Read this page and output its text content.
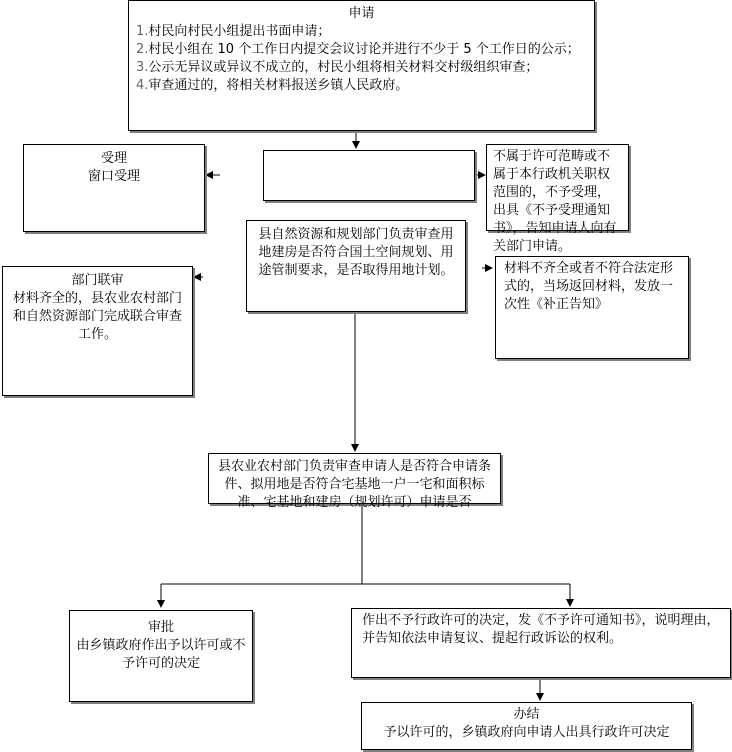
申请

1.村民向村民小组提出书面申请；

2.村民小组在 10 个工作日内提交会议讨论并进行不少于 5 个工作日的公示；

3.公示无异议或异议不成立的，村民小组将相关材料交村级组织审查；

4.审查通过的，将相关材料报送乡镇人民政府。

受理
窗口受理
不属于许可范畴或不属于本行政机关职权范围的，不予受理，出具《不予受理通知书》，告知申请人向有关部门申请。
县自然资源和规划部门负责审查用地建房是否符合国土空间规划、用途管制要求，是否取得用地计划。
部门联审
材料齐全的，县农业农村部门和自然资源部门完成联合审查工作。
材料不齐全或者不符合法定形式的，当场返回材料，发放一次性《补正告知》
县农业农村部门负责审查申请人是否符合申请条件、拟用地是否符合宅基地一户一宅和面积标准、宅基地和建房（规划许可）申请是否
审批
由乡镇政府作出予以许可或不予许可的决定
作出不予行政许可的决定，发《不予许可通知书》，说明理由，并告知依法申请复议、提起行政诉讼的权利。
办结
予以许可的，乡镇政府向申请人出具行政许可决定
